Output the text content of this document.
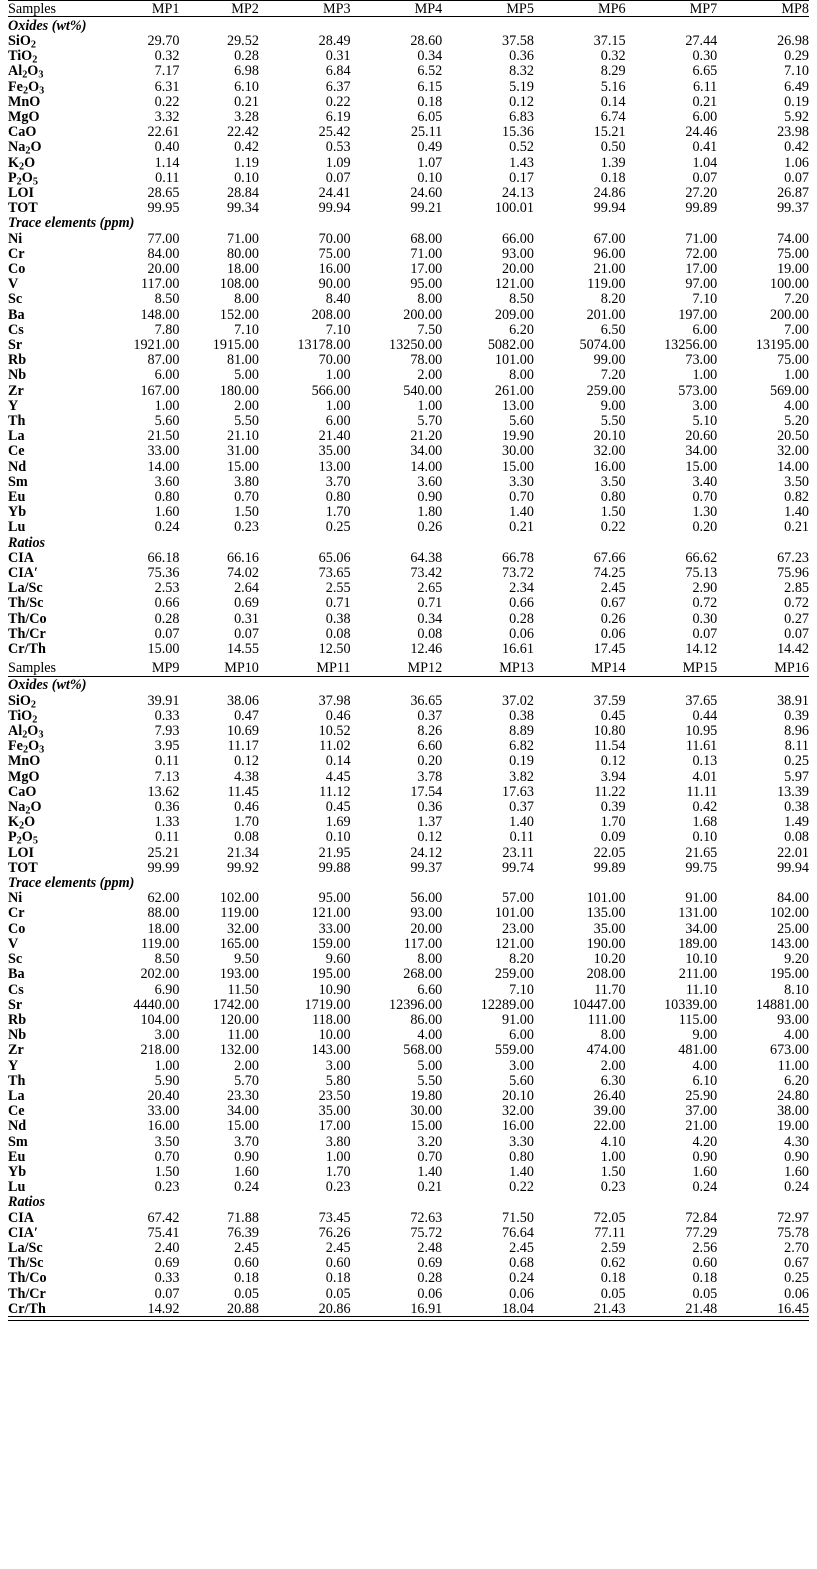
Samples	MP1	MP2	MP3	MP4	MP5	MP6	MP7	MP8

Oxides (wt%)								
SiO$_2$	29.70	29.52	28.49	28.60	37.58	37.15	27.44	26.98
TiO$_2$	0.32	0.28	0.31	0.34	0.36	0.32	0.30	0.29
$Al_2O_3$	7.17	6.98	6.84	6.52	8.32	8.29	6.65	7.10
$Fe_2O_3$	6.31	6.10	6.37	6.15	5.19	5.16	6.11	6.49
MnO	0.22	0.21	0.22	0.18	0.12	0.14	0.21	0.19
MgO	3.32	3.28	6.19	6.05	6.83	6.74	6.00	5.92
CaO	22.61	22.42	25.42	25.11	15.36	15.21	24.46	23.98
$Na_2O$	0.40	0.42	0.53	0.49	0.52	0.50	0.41	0.42
$K_2O$	1.14	1.19	1.09	1.07	1.43	1.39	1.04	1.06
$P_2O_5$	0.11	0.10	0.07	0.10	0.17	0.18	0.07	0.07
LOI	28.65	28.84	24.41	24.60	24.13	24.86	27.20	26.87
TOT	99.95	99.34	99.94	99.21	100.01	99.94	99.89	99.37
Trace elements (ppm)								
Ni	77.00	71.00	70.00	68.00	66.00	67.00	71.00	74.00
Cr	84.00	80.00	75.00	71.00	93.00	96.00	72.00	75.00
Co	20.00	18.00	16.00	17.00	20.00	21.00	17.00	19.00
V	117.00	108.00	90.00	95.00	121.00	119.00	97.00	100.00
Sc	8.50	8.00	8.40	8.00	8.50	8.20	7.10	7.20
Ba	148.00	152.00	208.00	200.00	209.00	201.00	197.00	200.00
Cs	7.80	7.10	7.10	7.50	6.20	6.50	6.00	7.00
Sr	1921.00	1915.00	13178.00	13250.00	5082.00	5074.00	13256.00	13195.00
Rb	87.00	81.00	70.00	78.00	101.00	99.00	73.00	75.00
Nb	6.00	5.00	1.00	2.00	8.00	7.20	1.00	1.00
Zr	167.00	180.00	566.00	540.00	261.00	259.00	573.00	569.00
Y	1.00	2.00	1.00	1.00	13.00	9.00	3.00	4.00
Th	5.60	5.50	6.00	5.70	5.60	5.50	5.10	5.20
La	21.50	21.10	21.40	21.20	19.90	20.10	20.60	20.50
Ce	33.00	31.00	35.00	34.00	30.00	32.00	34.00	32.00
Nd	14.00	15.00	13.00	14.00	15.00	16.00	15.00	14.00
Sm	3.60	3.80	3.70	3.60	3.30	3.50	3.40	3.50
Eu	0.80	0.70	0.80	0.90	0.70	0.80	0.70	0.82
Yb	1.60	1.50	1.70	1.80	1.40	1.50	1.30	1.40
Lu	0.24	0.23	0.25	0.26	0.21	0.22	0.20	0.21
Ratios								
CIA	66.18	66.16	65.06	64.38	66.78	67.66	66.62	67.23
CIA′	75.36	74.02	73.65	73.42	73.72	74.25	75.13	75.96
La/Sc	2.53	2.64	2.55	2.65	2.34	2.45	2.90	2.85
Th/Sc	0.66	0.69	0.71	0.71	0.66	0.67	0.72	0.72
Th/Co	0.28	0.31	0.38	0.34	0.28	0.26	0.30	0.27
Th/Cr	0.07	0.07	0.08	0.08	0.06	0.06	0.07	0.07
Cr/Th	15.00	14.55	12.50	12.46	16.61	17.45	14.12	14.42

Samples	MP9	MP10	MP11	MP12	MP13	MP14	MP15	MP16

Oxides (wt%)								
SiO$_2$	39.91	38.06	37.98	36.65	37.02	37.59	37.65	38.91
TiO$_2$	0.33	0.47	0.46	0.37	0.38	0.45	0.44	0.39
$Al_2O_3$	7.93	10.69	10.52	8.26	8.89	10.80	10.95	8.96
$Fe_2O_3$	3.95	11.17	11.02	6.60	6.82	11.54	11.61	8.11
MnO	0.11	0.12	0.14	0.20	0.19	0.12	0.13	0.25
MgO	7.13	4.38	4.45	3.78	3.82	3.94	4.01	5.97
CaO	13.62	11.45	11.12	17.54	17.63	11.22	11.11	13.39
$Na_2O$	0.36	0.46	0.45	0.36	0.37	0.39	0.42	0.38
$K_2O$	1.33	1.70	1.69	1.37	1.40	1.70	1.68	1.49
$P_2O_5$	0.11	0.08	0.10	0.12	0.11	0.09	0.10	0.08
LOI	25.21	21.34	21.95	24.12	23.11	22.05	21.65	22.01
TOT	99.99	99.92	99.88	99.37	99.74	99.89	99.75	99.94
Trace elements (ppm)								
Ni	62.00	102.00	95.00	56.00	57.00	101.00	91.00	84.00
Cr	88.00	119.00	121.00	93.00	101.00	135.00	131.00	102.00
Co	18.00	32.00	33.00	20.00	23.00	35.00	34.00	25.00
V	119.00	165.00	159.00	117.00	121.00	190.00	189.00	143.00
Sc	8.50	9.50	9.60	8.00	8.20	10.20	10.10	9.20
Ba	202.00	193.00	195.00	268.00	259.00	208.00	211.00	195.00
Cs	6.90	11.50	10.90	6.60	7.10	11.70	11.10	8.10
Sr	4440.00	1742.00	1719.00	12396.00	12289.00	10447.00	10339.00	14881.00
Rb	104.00	120.00	118.00	86.00	91.00	111.00	115.00	93.00
Nb	3.00	11.00	10.00	4.00	6.00	8.00	9.00	4.00
Zr	218.00	132.00	143.00	568.00	559.00	474.00	481.00	673.00
Y	1.00	2.00	3.00	5.00	3.00	2.00	4.00	11.00
Th	5.90	5.70	5.80	5.50	5.60	6.30	6.10	6.20
La	20.40	23.30	23.50	19.80	20.10	26.40	25.90	24.80
Ce	33.00	34.00	35.00	30.00	32.00	39.00	37.00	38.00
Nd	16.00	15.00	17.00	15.00	16.00	22.00	21.00	19.00
Sm	3.50	3.70	3.80	3.20	3.30	4.10	4.20	4.30
Eu	0.70	0.90	1.00	0.70	0.80	1.00	0.90	0.90
Yb	1.50	1.60	1.70	1.40	1.40	1.50	1.60	1.60
Lu	0.23	0.24	0.23	0.21	0.22	0.23	0.24	0.24
Ratios								
CIA	67.42	71.88	73.45	72.63	71.50	72.05	72.84	72.97
CIA′	75.41	76.39	76.26	75.72	76.64	77.11	77.29	75.78
La/Sc	2.40	2.45	2.45	2.48	2.45	2.59	2.56	2.70
Th/Sc	0.69	0.60	0.60	0.69	0.68	0.62	0.60	0.67
Th/Co	0.33	0.18	0.18	0.28	0.24	0.18	0.18	0.25
Th/Cr	0.07	0.05	0.05	0.06	0.06	0.05	0.05	0.06
Cr/Th	14.92	20.88	20.86	16.91	18.04	21.43	21.48	16.45
